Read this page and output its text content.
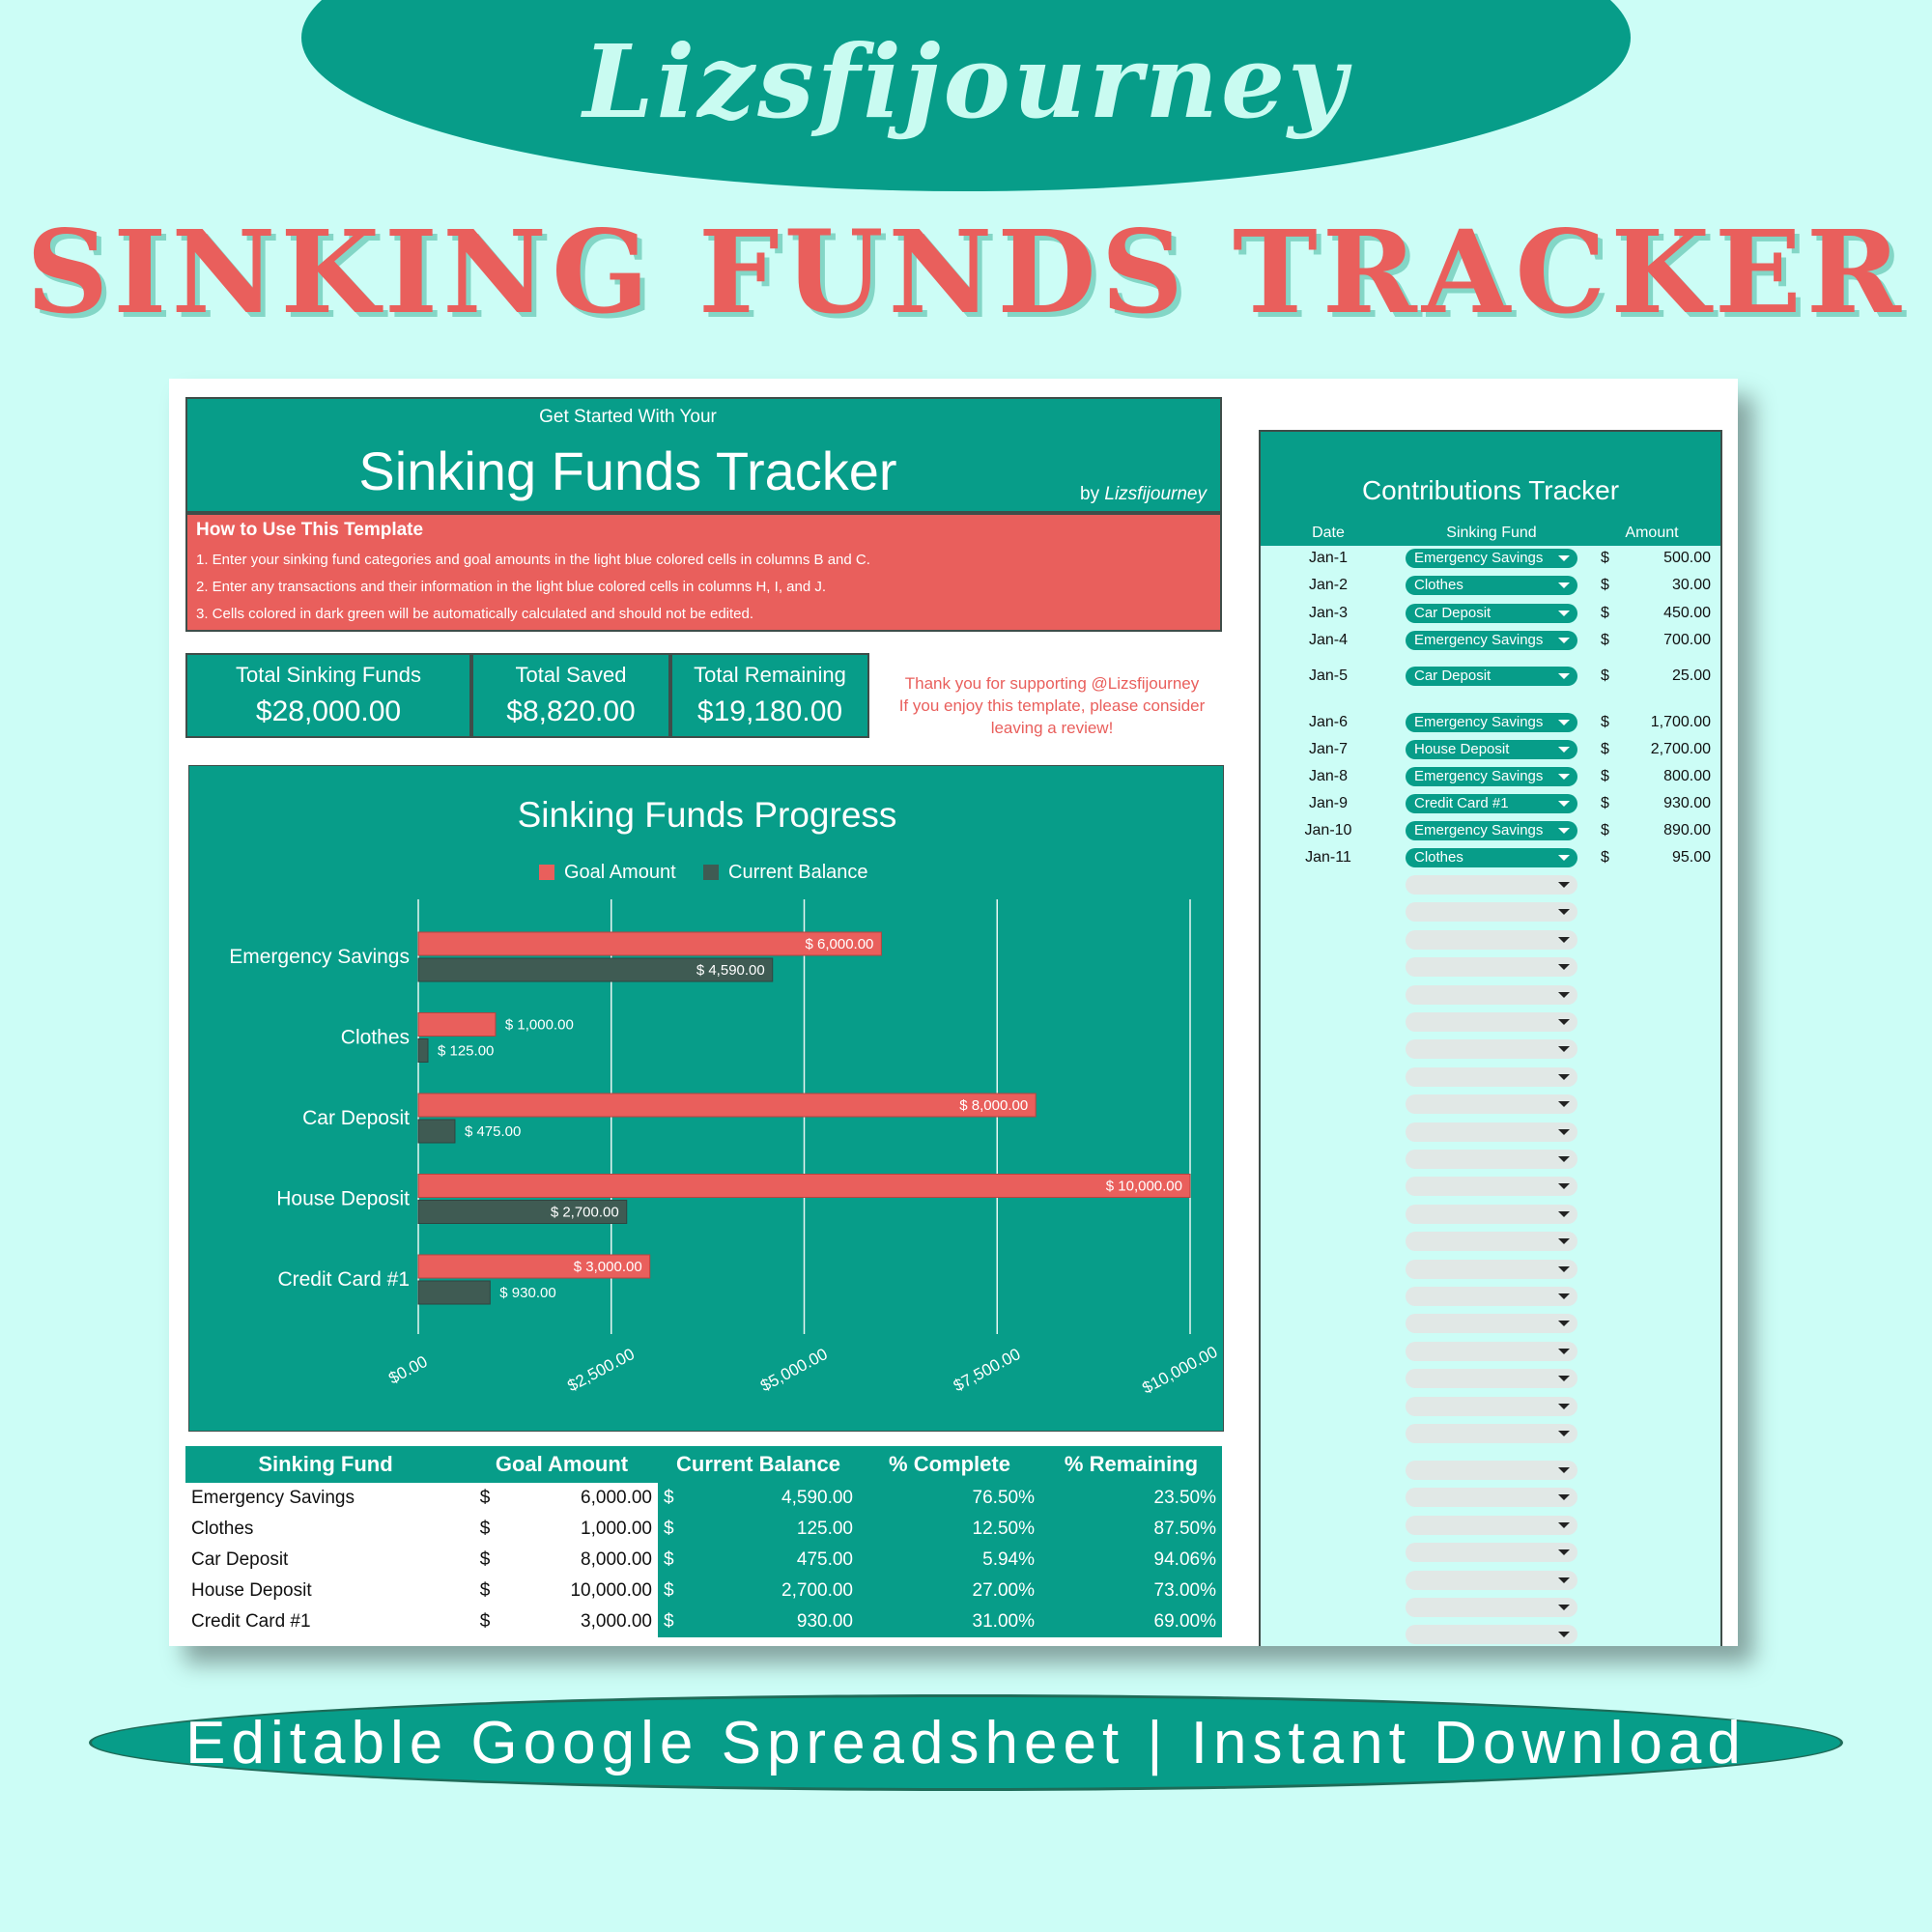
Lizsfijourney
SINKING FUNDS TRACKER
Get Started With Your
Sinking Funds Tracker	by Lizsfijourney
How to Use This Template
1. Enter your sinking fund categories and goal amounts in the light blue colored cells in columns B and C.
2. Enter any transactions and their information in the light blue colored cells in columns H, I, and J.
3. Cells colored in dark green will be automatically calculated and should not be edited.
Total Sinking Funds
$28,000.00
Total Saved
$8,820.00
Total Remaining
$19,180.00
Thank you for supporting @Lizsfijourney
If you enjoy this template, please consider
leaving a review!
Sinking Funds Progress
Goal Amount	Current Balance
$0.00	$2,500.00	$5,000.00	$7,500.00	$10,000.00
Emergency Savings
$ 6,000.00
$ 4,590.00
Clothes
$ 1,000.00
$ 125.00
Car Deposit
$ 8,000.00
$ 475.00
House Deposit
$ 10,000.00
$ 2,700.00
Credit Card #1
$ 3,000.00
$ 930.00
Sinking Fund	Goal Amount		Current Balance		% Complete	% Remaining
Emergency Savings	$	6,000.00	$	4,590.00	76.50%	23.50%
Clothes	$	1,000.00	$	125.00	12.50%	87.50%
Car Deposit	$	8,000.00	$	475.00	5.94%	94.06%
House Deposit	$	10,000.00	$	2,700.00	27.00%	73.00%
Credit Card #1	$	3,000.00	$	930.00	31.00%	69.00%
Contributions Tracker
Date	Sinking Fund	Amount
Jan-1	Emergency Savings	$	500.00
Jan-2	Clothes	$	30.00
Jan-3	Car Deposit	$	450.00
Jan-4	Emergency Savings	$	700.00
Jan-5	Car Deposit	$	25.00
Jan-6	Emergency Savings	$	1,700.00
Jan-7	House Deposit	$	2,700.00
Jan-8	Emergency Savings	$	800.00
Jan-9	Credit Card #1	$	930.00
Jan-10	Emergency Savings	$	890.00
Jan-11	Clothes	$	95.00
Editable Google Spreadsheet | Instant Download
